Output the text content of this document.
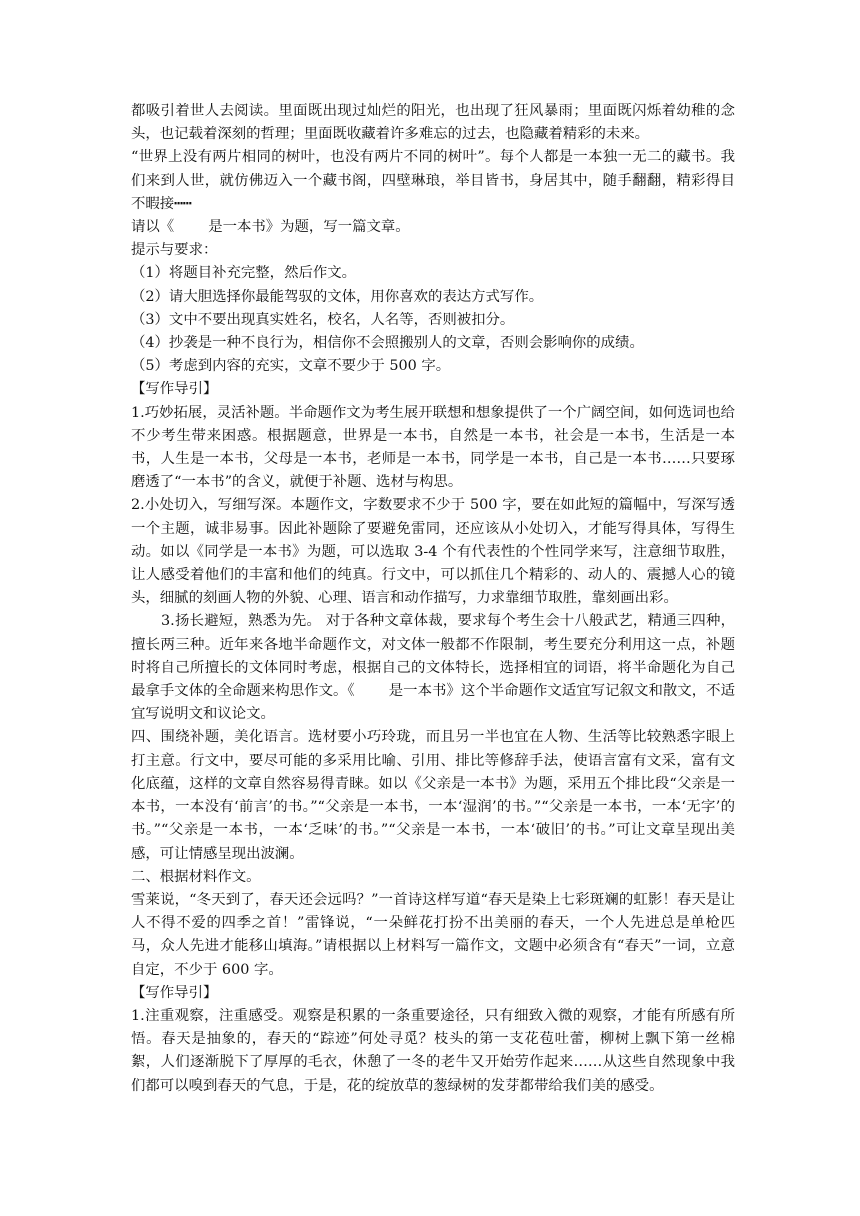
都吸引着世人去阅读。里面既出现过灿烂的阳光，也出现了狂风暴雨；里面既闪烁着幼稚的念头，也记载着深刻的哲理；里面既收藏着许多难忘的过去，也隐藏着精彩的未来。

“世界上没有两片相同的树叶，也没有两片不同的树叶”。每个人都是一本独一无二的藏书。我们来到人世，就仿佛迈入一个藏书阁，四壁琳琅，举目皆书，身居其中，随手翻翻，精彩得目不暇接┅┅

请以《 是一本书》为题，写一篇文章。

提示与要求：

（1）将题目补充完整，然后作文。

（2）请大胆选择你最能驾驭的文体，用你喜欢的表达方式写作。

（3）文中不要出现真实姓名，校名，人名等，否则被扣分。

（4）抄袭是一种不良行为，相信你不会照搬别人的文章，否则会影响你的成绩。

（5）考虑到内容的充实，文章不要少于 500 字。

【写作导引】

1.巧妙拓展，灵活补题。半命题作文为考生展开联想和想象提供了一个广阔空间，如何选词也给不少考生带来困惑。根据题意，世界是一本书，自然是一本书，社会是一本书，生活是一本书，人生是一本书，父母是一本书，老师是一本书，同学是一本书，自己是一本书……只要琢磨透了“一本书”的含义，就便于补题、选材与构思。

2.小处切入，写细写深。本题作文，字数要求不少于 500 字，要在如此短的篇幅中，写深写透一个主题，诚非易事。因此补题除了要避免雷同，还应该从小处切入，才能写得具体，写得生动。如以《同学是一本书》为题，可以选取 3-4 个有代表性的个性同学来写，注意细节取胜，让人感受着他们的丰富和他们的纯真。行文中，可以抓住几个精彩的、动人的、震撼人心的镜头，细腻的刻画人物的外貌、心理、语言和动作描写，力求靠细节取胜，靠刻画出彩。

3.扬长避短，熟悉为先。 对于各种文章体裁，要求每个考生会十八般武艺，精通三四种，擅长两三种。近年来各地半命题作文，对文体一般都不作限制，考生要充分利用这一点，补题时将自己所擅长的文体同时考虑，根据自己的文体特长，选择相宜的词语，将半命题化为自己最拿手文体的全命题来构思作文。《 是一本书》这个半命题作文适宜写记叙文和散文，不适宜写说明文和议论文。

四、围绕补题，美化语言。选材要小巧玲珑，而且另一半也宜在人物、生活等比较熟悉字眼上打主意。行文中，要尽可能的多采用比喻、引用、排比等修辞手法，使语言富有文采，富有文化底蕴，这样的文章自然容易得青睐。如以《父亲是一本书》为题，采用五个排比段“父亲是一本书，一本没有‘前言’的书。”“父亲是一本书，一本‘湿润’的书。”“父亲是一本书，一本‘无字’的书。”“父亲是一本书，一本‘乏味’的书。”“父亲是一本书，一本‘破旧’的书。”可让文章呈现出美感，可让情感呈现出波澜。

二、根据材料作文。

雪莱说，“冬天到了，春天还会远吗？”一首诗这样写道“春天是染上七彩斑斓的虹影！春天是让人不得不爱的四季之首！”雷锋说，“一朵鲜花打扮不出美丽的春天，一个人先进总是单枪匹马，众人先进才能移山填海。”请根据以上材料写一篇作文，文题中必须含有“春天”一词，立意自定，不少于 600 字。

【写作导引】

1.注重观察，注重感受。观察是积累的一条重要途径，只有细致入微的观察，才能有所感有所悟。春天是抽象的，春天的“踪迹”何处寻觅？枝头的第一支花苞吐蕾，柳树上飘下第一丝棉絮，人们逐渐脱下了厚厚的毛衣，休憩了一冬的老牛又开始劳作起来……从这些自然现象中我们都可以嗅到春天的气息，于是，花的绽放草的葱绿树的发芽都带给我们美的感受。
